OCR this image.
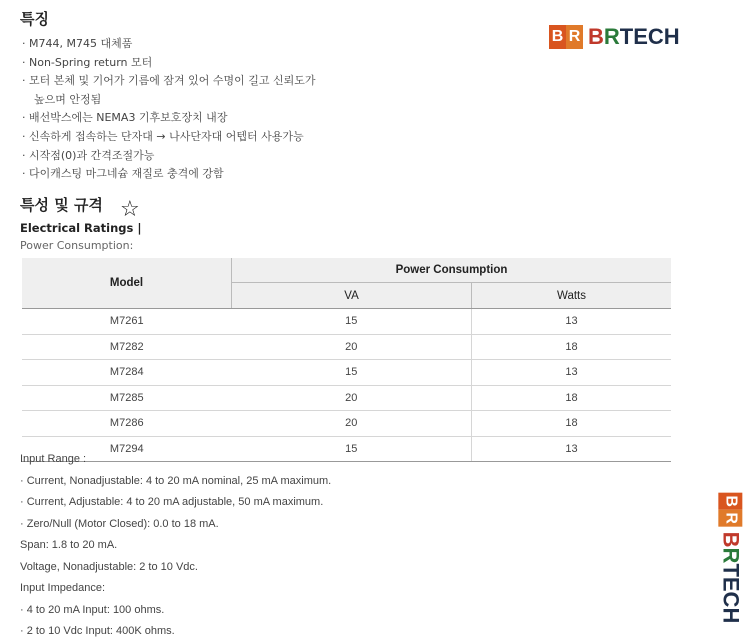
특징
· M744, M745 대체품
· Non-Spring return 모터
· 모터 본체 및 기어가 기름에 잠겨 있어 수명이 길고 신뢰도가
높으며 안정됨
· 배선박스에는 NEMA3 기후보호장치 내장
· 신속하게 접속하는 단자대 → 나사단자대 어텝터 사용가능
· 시작점(0)과 간격조절가능
· 다이캐스팅 마그네슘 재질로 충격에 강함
B R BRTECH
특성 및 규격 ☆
Electrical Ratings |
Power Consumption:
Model	Power Consumption	
	VA	Watts
M7261	15	13
M7282	20	18
M7284	15	13
M7285	20	18
M7286	20	18
M7294	15	13
Input Range :
· Current, Nonadjustable: 4 to 20 mA nominal, 25 mA maximum.
· Current, Adjustable: 4 to 20 mA adjustable, 50 mA maximum.
· Zero/Null (Motor Closed): 0.0 to 18 mA.
Span: 1.8 to 20 mA.
Voltage, Nonadjustable: 2 to 10 Vdc.
Input Impedance:
· 4 to 20 mA Input: 100 ohms.
· 2 to 10 Vdc Input: 400K ohms.
B
R
BRTECH
